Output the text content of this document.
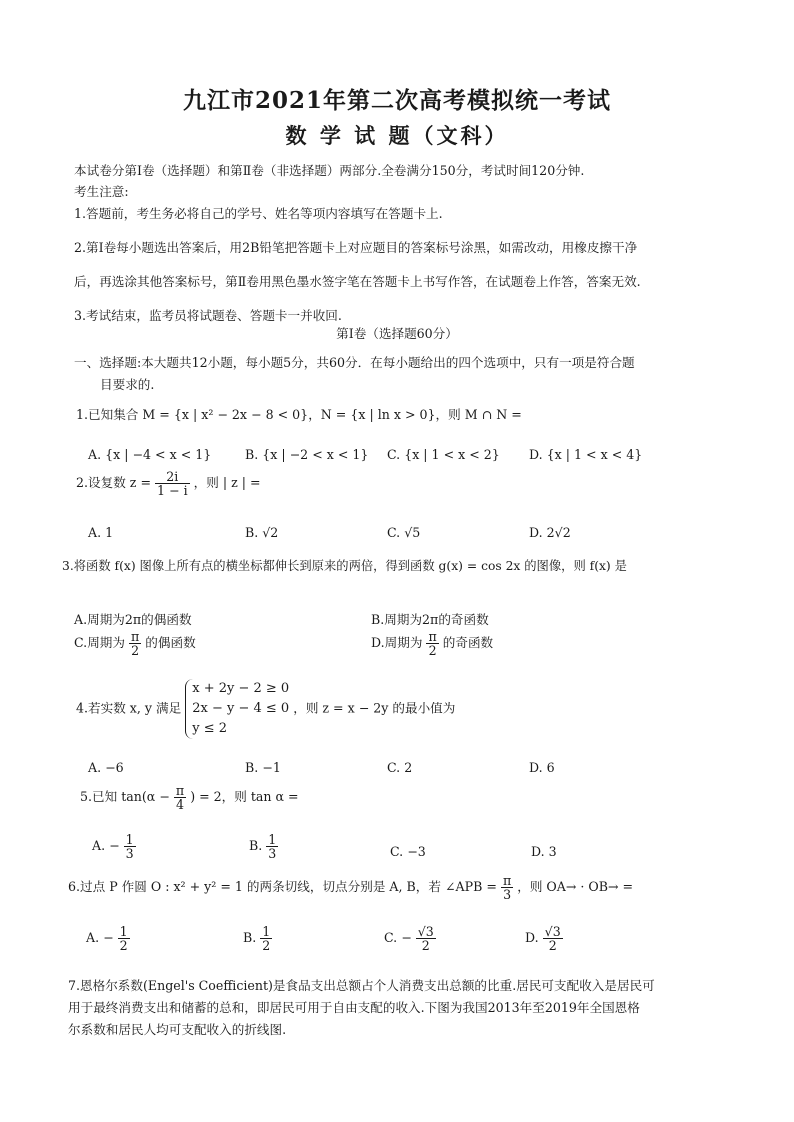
九江市2021年第二次高考模拟统一考试
数 学 试 题（文科）
本试卷分第Ⅰ卷（选择题）和第Ⅱ卷（非选择题）两部分.全卷满分150分，考试时间120分钟.
考生注意:
1.答题前，考生务必将自己的学号、姓名等项内容填写在答题卡上.
2.第Ⅰ卷每小题选出答案后，用2B铅笔把答题卡上对应题目的答案标号涂黑，如需改动，用橡皮擦干净
后，再选涂其他答案标号，第Ⅱ卷用黑色墨水签字笔在答题卡上书写作答，在试题卷上作答，答案无效.
3.考试结束，监考员将试题卷、答题卡一并收回.
第Ⅰ卷（选择题60分）
一、选择题:本大题共12小题，每小题5分，共60分．在每小题给出的四个选项中，只有一项是符合题
目要求的.
1.已知集合 M = {x | x² − 2x − 8 < 0}，N = {x | ln x > 0}，则 M ∩ N =
A. {x | −4 < x < 1}	B. {x | −2 < x < 1} C. {x | 1 < x < 2} D. {x | 1 < x < 4}
2.设复数 $z = \frac{2i}{1 - i}$ ，则 | z | =
A. 1	B. √2	C. √5	D. 2√2
3.将函数 f(x) 图像上所有点的横坐标都伸长到原来的两倍，得到函数 g(x) = cos 2x 的图像，则 f(x) 是
A.周期为2π的偶函数	B.周期为2π的奇函数
C.周期为 $\frac{\pi}{2}$ 的偶函数	D.周期为 $\frac{\pi}{2}$ 的奇函数
4.若实数 x, y 满足
x + 2y − 2 ≥ 0
2x − y − 4 ≤ 0
y ≤ 2
，则 z = x − 2y 的最小值为
A. −6	B. −1	C. 2	D. 6
5.已知 $\tan(\alpha - \frac{\pi}{4}$ ) = 2，则 tan α =
A. − $\frac{1}{3}$	B. $\frac{1}{3}$	C. −3	D. 3
6.过点 P 作圆 O : x² + y² = 1 的两条切线，切点分别是 A, B，若 ∠APB = $\frac{\pi}{3}$ ，则 OA→ · OB→ =
A. − $\frac{1}{2}$	B. $\frac{1}{2}$	C. − $\frac{√3}{2}$	D. $\frac{√3}{2}$
7.恩格尔系数(Engel's Coefficient)是食品支出总额占个人消费支出总额的比重.居民可支配收入是居民可
用于最终消费支出和储蓄的总和，即居民可用于自由支配的收入.下图为我国2013年至2019年全国恩格
尔系数和居民人均可支配收入的折线图.
